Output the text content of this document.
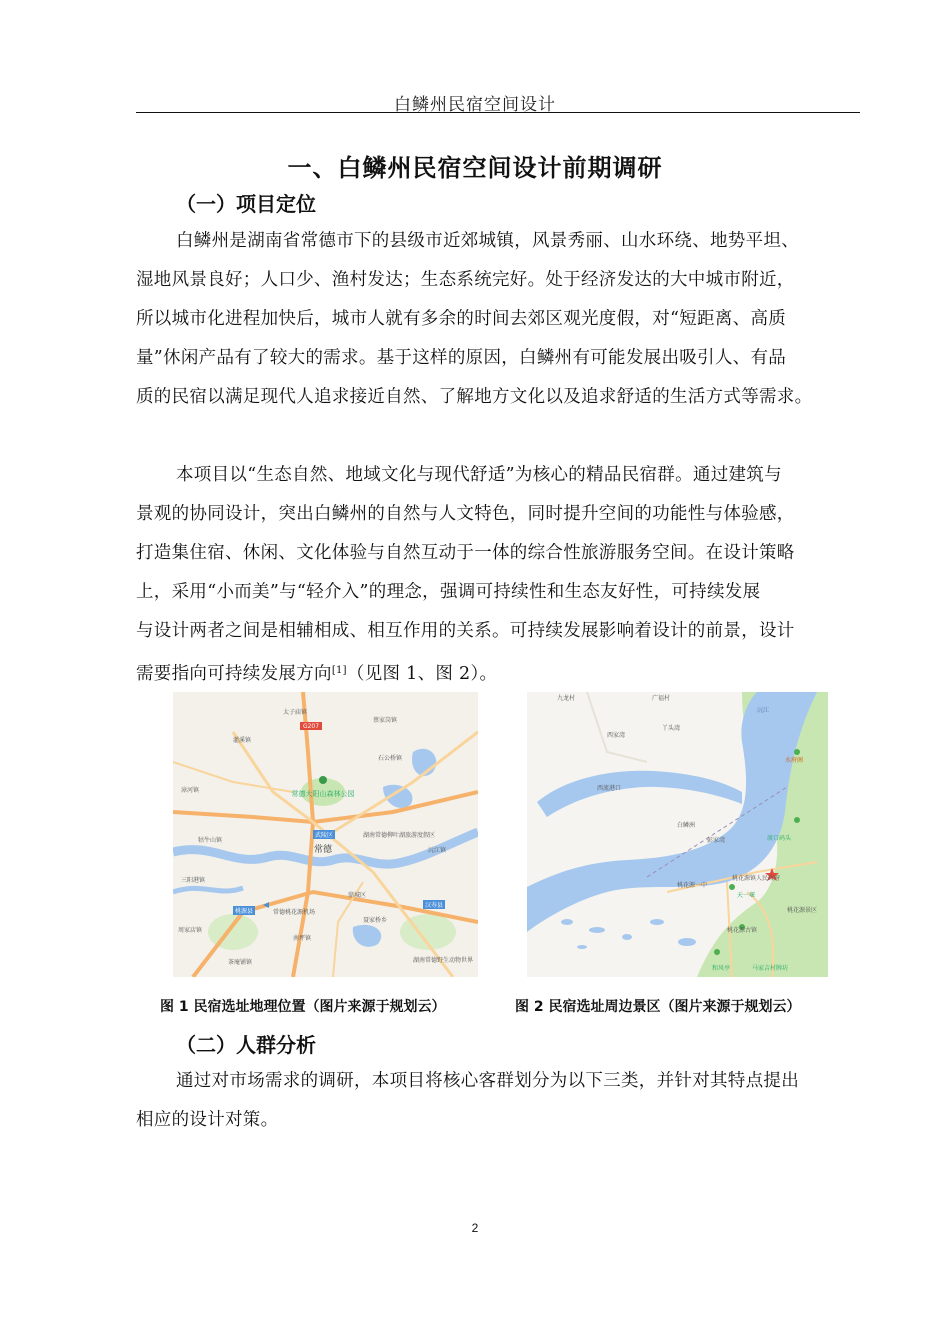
白鳞州民宿空间设计
一、白鳞州民宿空间设计前期调研
（一）项目定位
白鳞州是湖南省常德市下的县级市近郊城镇，风景秀丽、山水环绕、地势平坦、
湿地风景良好；人口少、渔村发达；生态系统完好。处于经济发达的大中城市附近，
所以城市化进程加快后，城市人就有多余的时间去郊区观光度假，对“短距离、高质
量”休闲产品有了较大的需求。基于这样的原因，白鳞州有可能发展出吸引人、有品
质的民宿以满足现代人追求接近自然、了解地方文化以及追求舒适的生活方式等需求。
本项目以“生态自然、地域文化与现代舒适”为核心的精品民宿群。通过建筑与
景观的协同设计，突出白鳞州的自然与人文特色，同时提升空间的功能性与体验感，
打造集住宿、休闲、文化体验与自然互动于一体的综合性旅游服务空间。在设计策略
上，采用“小而美”与“轻介入”的理念，强调可持续性和生态友好性，可持续发展
与设计两者之间是相辅相成、相互作用的关系。可持续发展影响着设计的前景，设计
需要指向可持续发展方向[1]（见图 1、图 2）。
武陵区
汉寿县
桃源县
G207
常德
常德大阳山森林公园
湖南常德柳叶湖旅游度假区
常德桃花源机场
湖南常德野生动物世界
太子庙镇
灌溪镇
石公桥镇
蔡家岗镇
漳河镇
牯牛山镇
三阳港镇
鼎城区
沅江镇
周家店镇
聂家桥乡
南坪镇
茶庵铺镇
九龙村	广福村
丫头湾
西家湾
水府阁
白鳞洲
桃花源一中
桃花源镇人民政府
天一堰
桃花源古镇
桃花源景区
马家吉村牌坊
和风亭
渡口码头
沅江
西流港口
彭家湾
图 1 民宿选址地理位置（图片来源于规划云）	图 2 民宿选址周边景区（图片来源于规划云）
（二）人群分析
通过对市场需求的调研，本项目将核心客群划分为以下三类，并针对其特点提出
相应的设计对策。
2
